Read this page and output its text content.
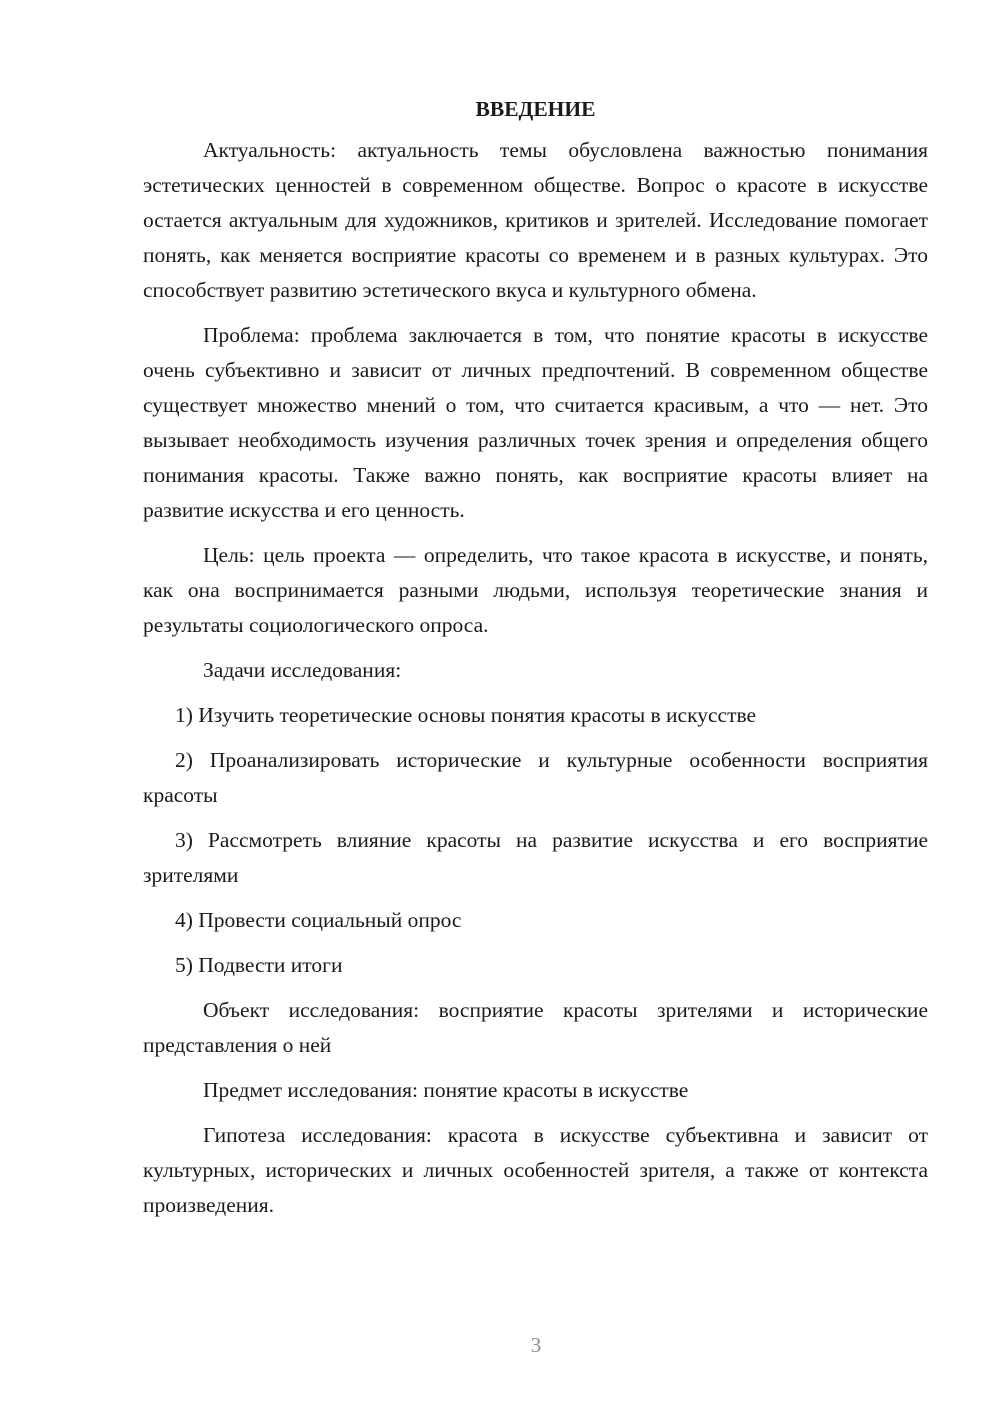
ВВЕДЕНИЕ

Актуальность: актуальность темы обусловлена важностью понимания эстетических ценностей в современном обществе. Вопрос о красоте в искусстве остается актуальным для художников, критиков и зрителей. Исследование помогает понять, как меняется восприятие красоты со временем и в разных культурах. Это способствует развитию эстетического вкуса и культурного обмена.

Проблема: проблема заключается в том, что понятие красоты в искусстве очень субъективно и зависит от личных предпочтений. В современном обществе существует множество мнений о том, что считается красивым, а что — нет. Это вызывает необходимость изучения различных точек зрения и определения общего понимания красоты. Также важно понять, как восприятие красоты влияет на развитие искусства и его ценность.

Цель: цель проекта — определить, что такое красота в искусстве, и понять, как она воспринимается разными людьми, используя теоретические знания и результаты социологического опроса.

Задачи исследования:

1) Изучить теоретические основы понятия красоты в искусстве

2) Проанализировать исторические и культурные особенности восприятия красоты

3) Рассмотреть влияние красоты на развитие искусства и его восприятие зрителями

4) Провести социальный опрос

5) Подвести итоги

Объект исследования: восприятие красоты зрителями и исторические представления о ней

Предмет исследования: понятие красоты в искусстве

Гипотеза исследования: красота в искусстве субъективна и зависит от культурных, исторических и личных особенностей зрителя, а также от контекста произведения.

3
